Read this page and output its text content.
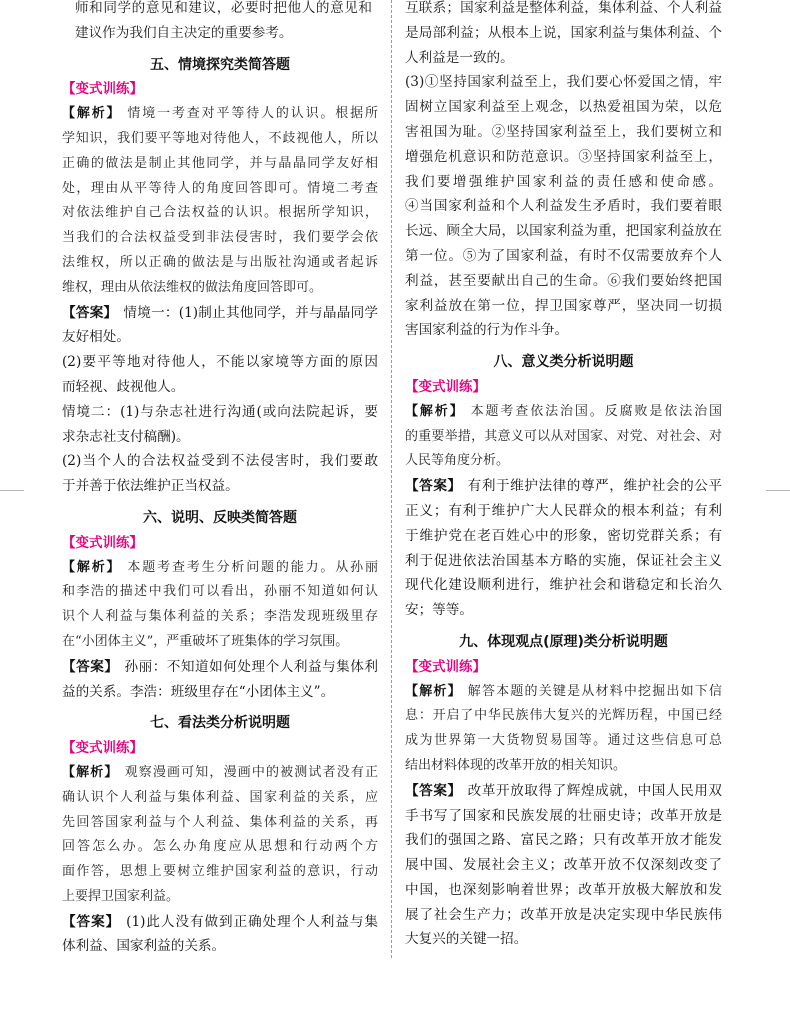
师和同学的意见和建议，必要时把他人的意见和
建议作为我们自主决定的重要参考。
五、情境探究类简答题
【变式训练】
【解析】 情境一考查对平等待人的认识。根据所
学知识，我们要平等地对待他人，不歧视他人，所以
正确的做法是制止其他同学，并与晶晶同学友好相
处，理由从平等待人的角度回答即可。情境二考查
对依法维护自己合法权益的认识。根据所学知识，
当我们的合法权益受到非法侵害时，我们要学会依
法维权，所以正确的做法是与出版社沟通或者起诉
维权，理由从依法维权的做法角度回答即可。
【答案】 情境一：(1)制止其他同学，并与晶晶同学
友好相处。
(2)要平等地对待他人，不能以家境等方面的原因
而轻视、歧视他人。
情境二：(1)与杂志社进行沟通(或向法院起诉，要
求杂志社支付稿酬)。
(2)当个人的合法权益受到不法侵害时，我们要敢
于并善于依法维护正当权益。
六、说明、反映类简答题
【变式训练】
【解析】 本题考查考生分析问题的能力。从孙丽
和李浩的描述中我们可以看出，孙丽不知道如何认
识个人利益与集体利益的关系；李浩发现班级里存
在“小团体主义”，严重破坏了班集体的学习氛围。
【答案】 孙丽：不知道如何处理个人利益与集体利
益的关系。李浩：班级里存在“小团体主义”。
七、看法类分析说明题
【变式训练】
【解析】 观察漫画可知，漫画中的被测试者没有正
确认识个人利益与集体利益、国家利益的关系，应
先回答国家利益与个人利益、集体利益的关系，再
回答怎么办。怎么办角度应从思想和行动两个方
面作答，思想上要树立维护国家利益的意识，行动
上要捍卫国家利益。
【答案】 (1)此人没有做到正确处理个人利益与集
体利益、国家利益的关系。
互联系；国家利益是整体利益，集体利益、个人利益
是局部利益；从根本上说，国家利益与集体利益、个
人利益是一致的。
(3)①坚持国家利益至上，我们要心怀爱国之情，牢
固树立国家利益至上观念，以热爱祖国为荣，以危
害祖国为耻。②坚持国家利益至上，我们要树立和
增强危机意识和防范意识。③坚持国家利益至上，
我们要增强维护国家利益的责任感和使命感。
④当国家利益和个人利益发生矛盾时，我们要着眼
长远、顾全大局，以国家利益为重，把国家利益放在
第一位。⑤为了国家利益，有时不仅需要放弃个人
利益，甚至要献出自己的生命。⑥我们要始终把国
家利益放在第一位，捍卫国家尊严，坚决同一切损
害国家利益的行为作斗争。
八、意义类分析说明题
【变式训练】
【解析】 本题考查依法治国。反腐败是依法治国
的重要举措，其意义可以从对国家、对党、对社会、对
人民等角度分析。
【答案】 有利于维护法律的尊严，维护社会的公平
正义；有利于维护广大人民群众的根本利益；有利
于维护党在老百姓心中的形象，密切党群关系；有
利于促进依法治国基本方略的实施，保证社会主义
现代化建设顺利进行，维护社会和谐稳定和长治久
安；等等。
九、体现观点(原理)类分析说明题
【变式训练】
【解析】 解答本题的关键是从材料中挖掘出如下信
息：开启了中华民族伟大复兴的光辉历程，中国已经
成为世界第一大货物贸易国等。通过这些信息可总
结出材料体现的改革开放的相关知识。
【答案】 改革开放取得了辉煌成就，中国人民用双
手书写了国家和民族发展的壮丽史诗；改革开放是
我们的强国之路、富民之路；只有改革开放才能发
展中国、发展社会主义；改革开放不仅深刻改变了
中国，也深刻影响着世界；改革开放极大解放和发
展了社会生产力；改革开放是决定实现中华民族伟
大复兴的关键一招。
